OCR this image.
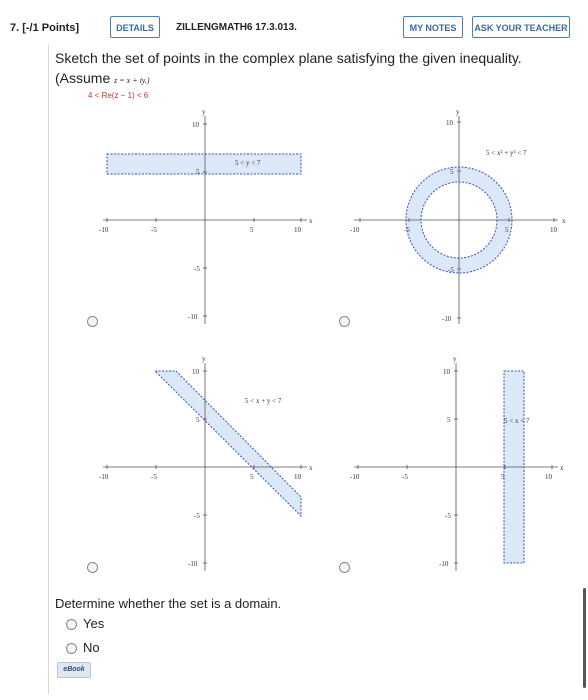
7. [-/1 Points]	DETAILS	ZILLENGMATH6 17.3.013.	MY NOTES	ASK YOUR TEACHER
Sketch the set of points in the complex plane satisfying the given inequality.
(Assume z = x + iy.)
4 < Re(z − 1) < 6
-10	-5	5	10
x
10
5
-5
-10
y
5 < y < 7
-10	-5	5	10
x
10
5
-5
-10
y
5 < x² + y² < 7
-10	-5	5	10
x
10
5
-5
-10
y
5 < x + y < 7
-10	-5	5	10
x
10
5
-5
-10
y
5 < x < 7
Determine whether the set is a domain.
Yes
No
eBook
